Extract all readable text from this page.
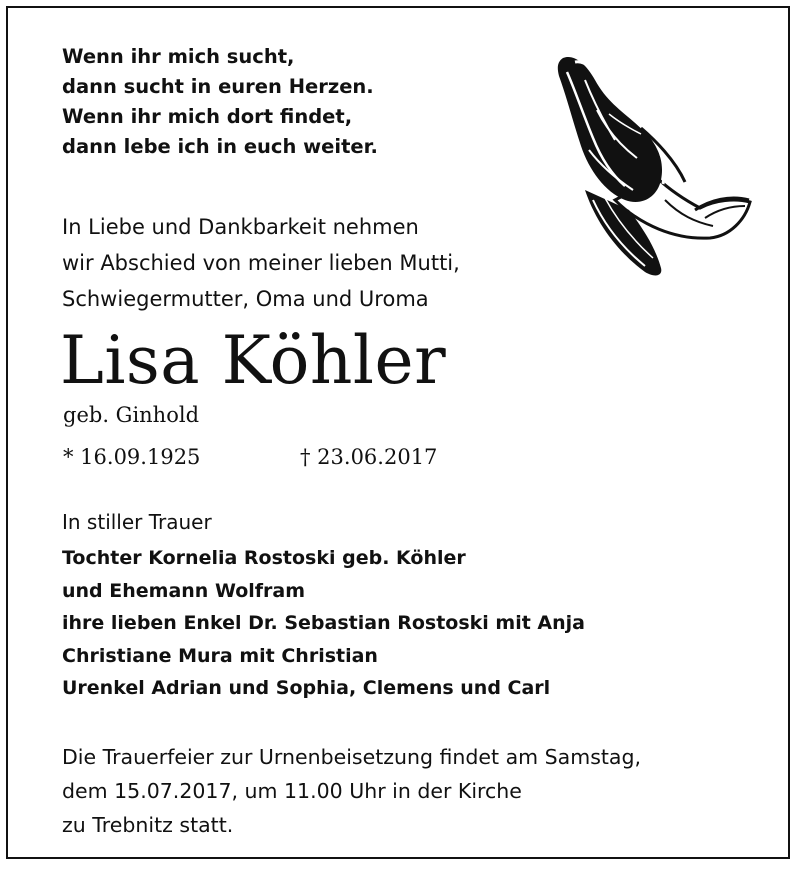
Wenn ihr mich sucht,
dann sucht in euren Herzen.
Wenn ihr mich dort findet,
dann lebe ich in euch weiter.
In Liebe und Dankbarkeit nehmen
wir Abschied von meiner lieben Mutti,
Schwiegermutter, Oma und Uroma
Lisa Köhler
geb. Ginhold
* 16.09.1925	† 23.06.2017
In stiller Trauer
Tochter Kornelia Rostoski geb. Köhler
und Ehemann Wolfram
ihre lieben Enkel Dr. Sebastian Rostoski mit Anja
Christiane Mura mit Christian
Urenkel Adrian und Sophia, Clemens und Carl
Die Trauerfeier zur Urnenbeisetzung findet am Samstag,
dem 15.07.2017, um 11.00 Uhr in der Kirche
zu Trebnitz statt.
